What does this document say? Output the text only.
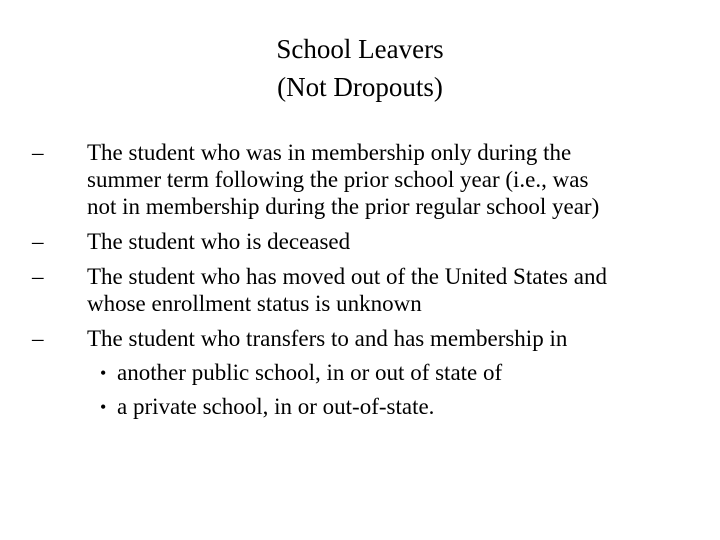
School Leavers
(Not Dropouts)
– The student who was in membership only during the
summer term following the prior school year (i.e., was
not in membership during the prior regular school year)
– The student who is deceased
– The student who has moved out of the United States and
whose enrollment status is unknown
– The student who transfers to and has membership in
• another public school, in or out of state of
• a private school, in or out-of-state.
